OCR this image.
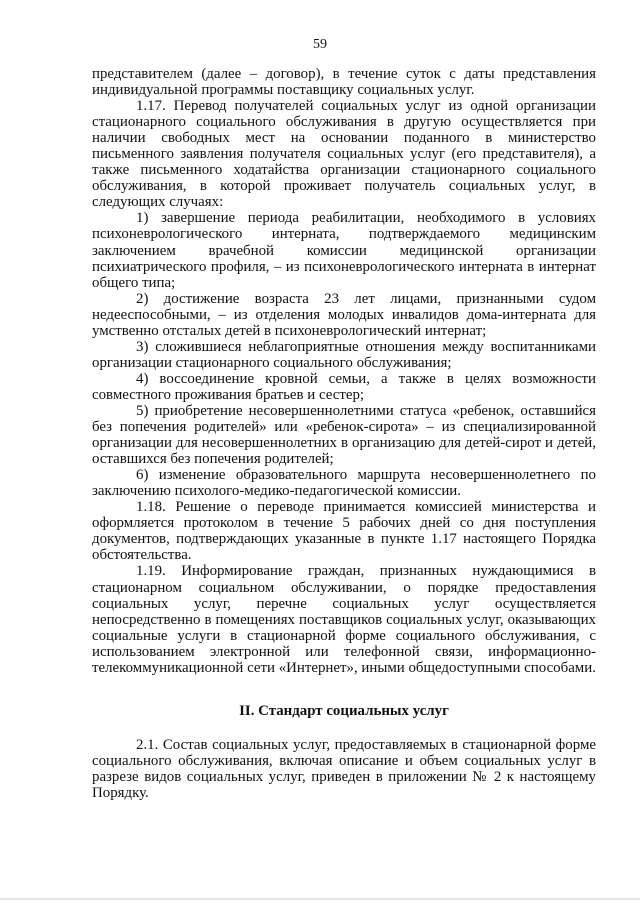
59

представителем (далее – договор), в течение суток с даты представления индивидуальной программы поставщику социальных услуг.

1.17. Перевод получателей социальных услуг из одной организации стационарного социального обслуживания в другую осуществляется при наличии свободных мест на основании поданного в министерство письменного заявления получателя социальных услуг (его представителя), а также письменного ходатайства организации стационарного социального обслуживания, в которой проживает получатель социальных услуг, в следующих случаях:

1) завершение периода реабилитации, необходимого в условиях психоневрологического интерната, подтверждаемого медицинским заключением врачебной комиссии медицинской организации психиатрического профиля, – из психоневрологического интерната в интернат общего типа;

2) достижение возраста 23 лет лицами, признанными судом недееспособными, – из отделения молодых инвалидов дома-интерната для умственно отсталых детей в психоневрологический интернат;

3) сложившиеся неблагоприятные отношения между воспитанниками организации стационарного социального обслуживания;

4) воссоединение кровной семьи, а также в целях возможности совместного проживания братьев и сестер;

5) приобретение несовершеннолетними статуса «ребенок, оставшийся без попечения родителей» или «ребенок-сирота» – из специализированной организации для несовершеннолетних в организацию для детей-сирот и детей, оставшихся без попечения родителей;

6) изменение образовательного маршрута несовершеннолетнего по заключению психолого-медико-педагогической комиссии.

1.18. Решение о переводе принимается комиссией министерства и оформляется протоколом в течение 5 рабочих дней со дня поступления документов, подтверждающих указанные в пункте 1.17 настоящего Порядка обстоятельства.

1.19. Информирование граждан, признанных нуждающимися в стационарном социальном обслуживании, о порядке предоставления социальных услуг, перечне социальных услуг осуществляется непосредственно в помещениях поставщиков социальных услуг, оказывающих социальные услуги в стационарной форме социального обслуживания, с использованием электронной или телефонной связи, информационно-телекоммуникационной сети «Интернет», иными общедоступными способами.

II. Стандарт социальных услуг

2.1. Состав социальных услуг, предоставляемых в стационарной форме социального обслуживания, включая описание и объем социальных услуг в разрезе видов социальных услуг, приведен в приложении № 2 к настоящему Порядку.
